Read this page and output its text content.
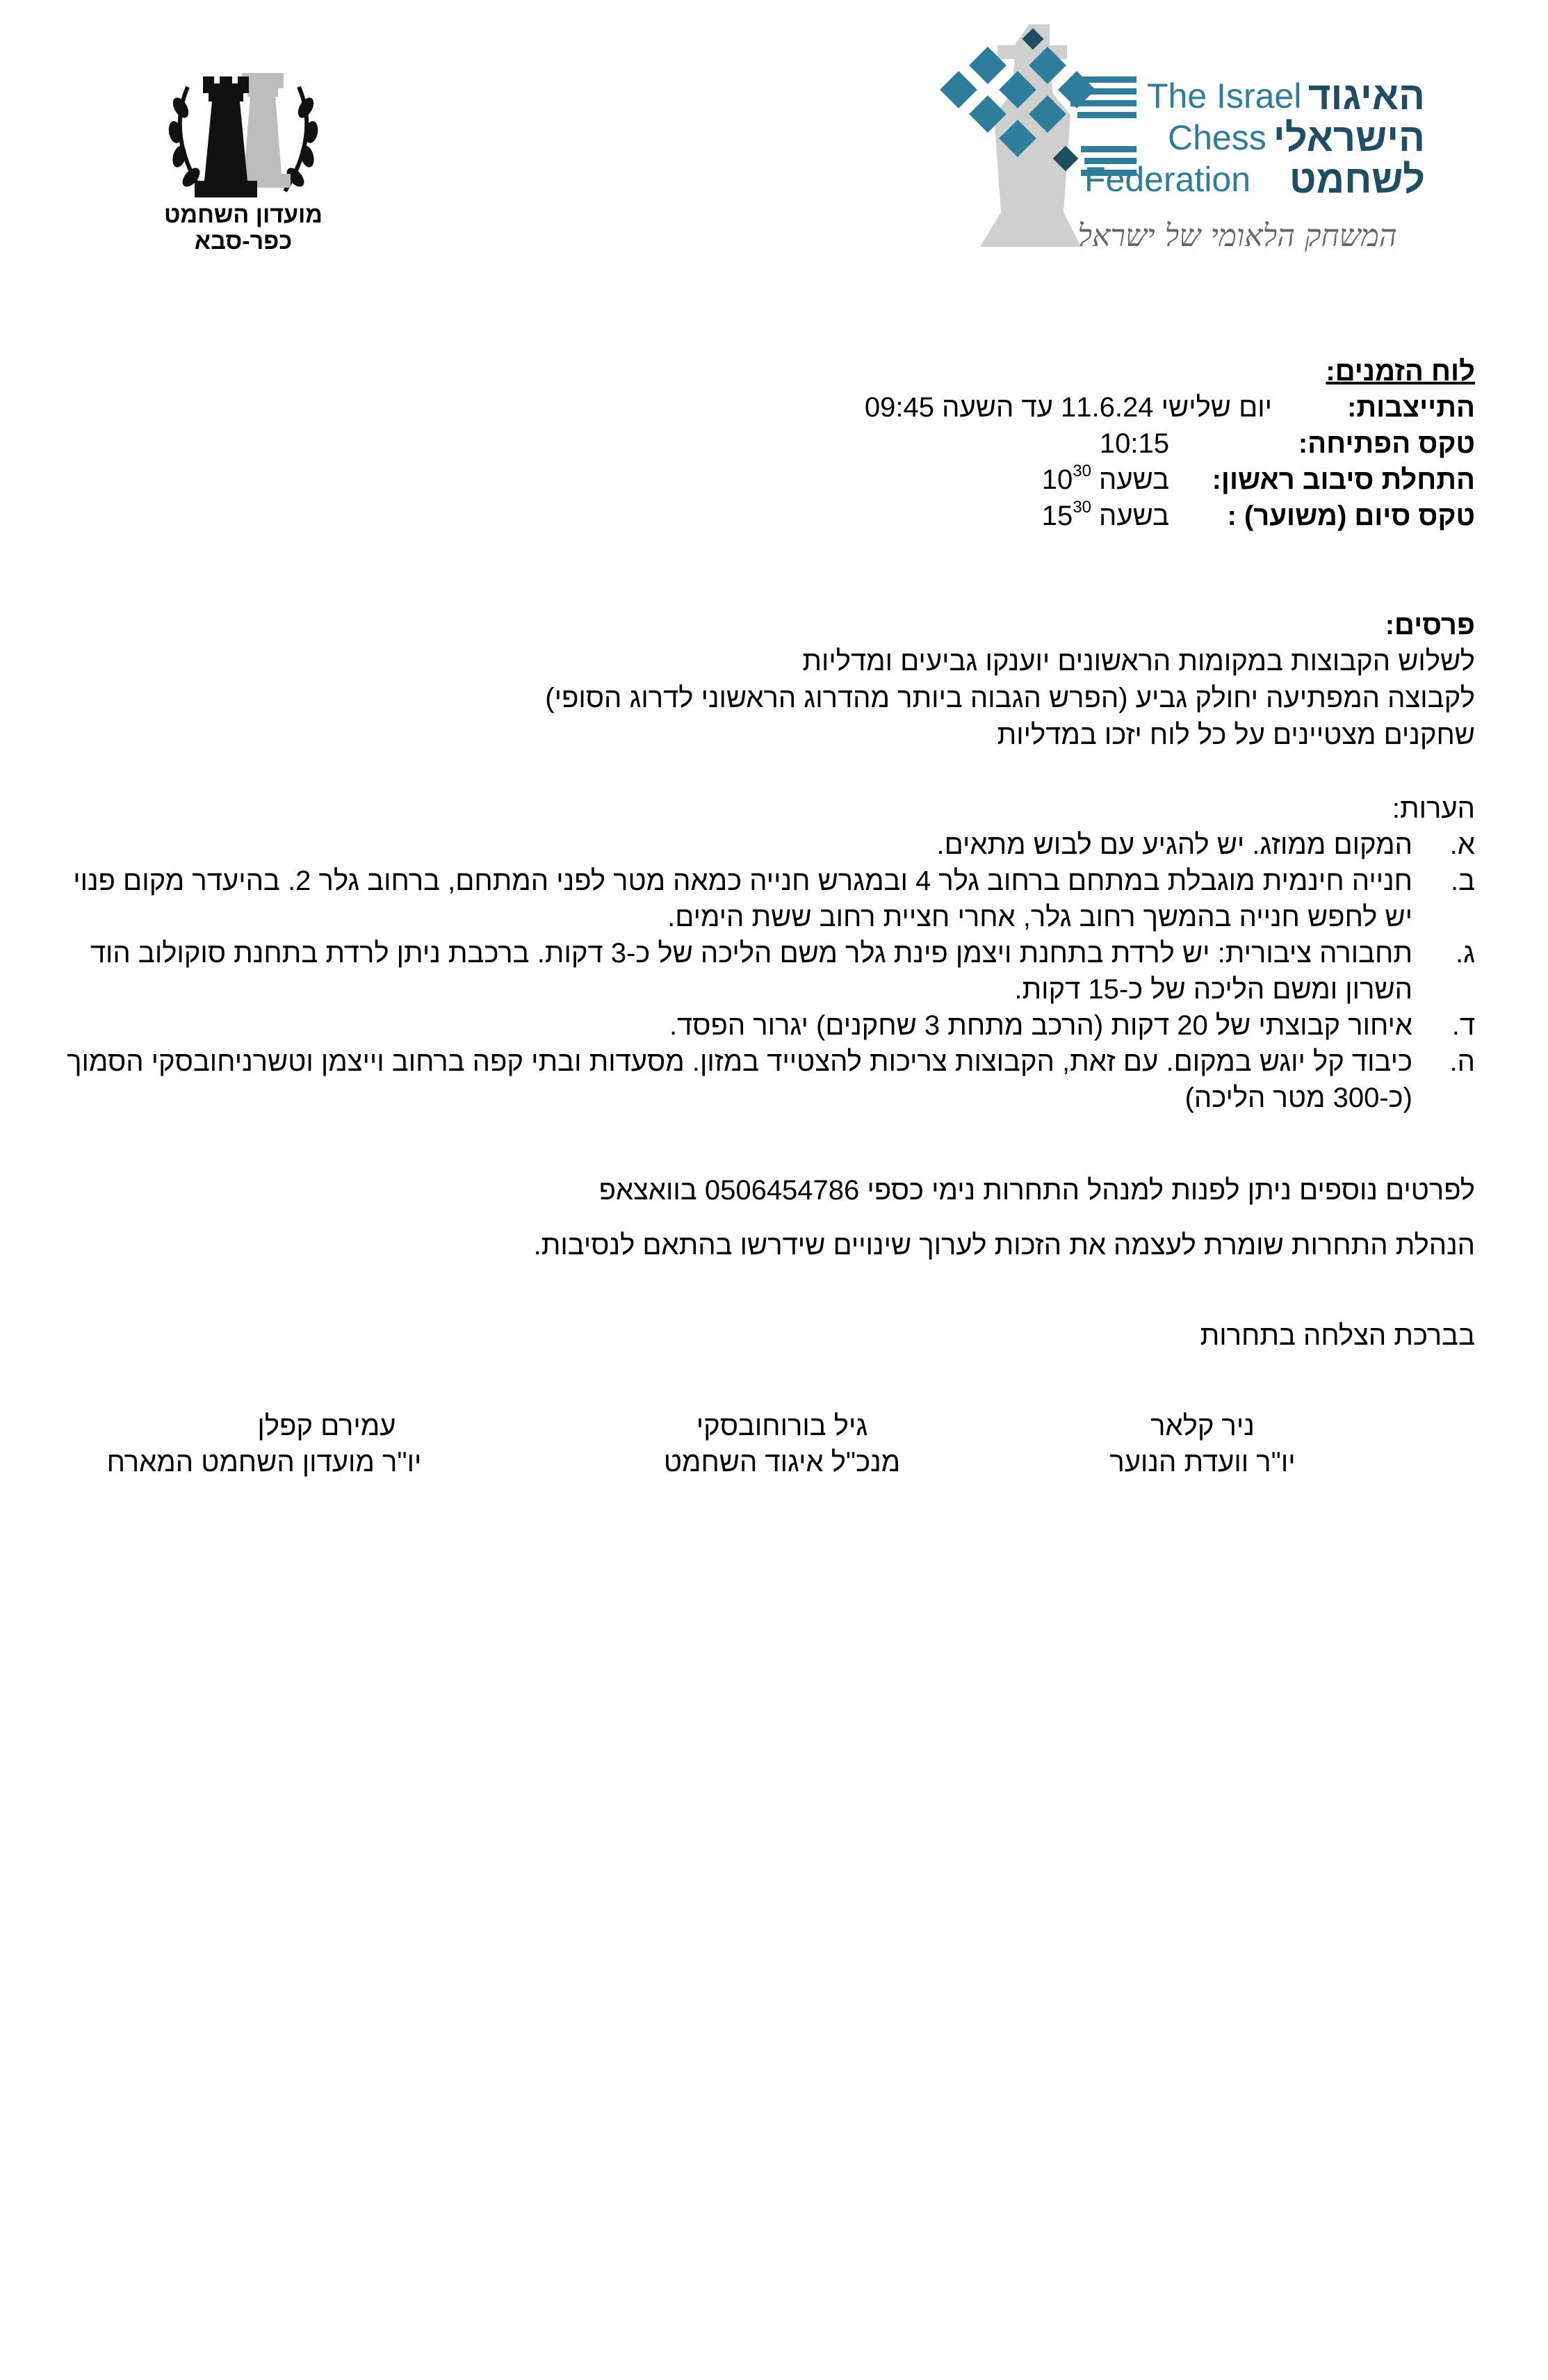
מועדון השחמט
כפר-סבא
The Israel
Chess
Federation
האיגוד
הישראלי
לשחמט
המשחק הלאומי של ישראל
לוח הזמנים:
התייצבות:
יום שלישי 11.6.24 עד השעה 09:45
טקס הפתיחה:
10:15
התחלת סיבוב ראשון:
בשעה $10^{30}$
טקס סיום (משוער) :
בשעה $15^{30}$
פרסים:
לשלוש הקבוצות במקומות הראשונים יוענקו גביעים ומדליות
לקבוצה המפתיעה יחולק גביע (הפרש הגבוה ביותר מהדרוג הראשוני לדרוג הסופי)
שחקנים מצטיינים על כל לוח יזכו במדליות
הערות:
א.
המקום ממוזג. יש להגיע עם לבוש מתאים.
ב.
חנייה חינמית מוגבלת במתחם ברחוב גלר 4 ובמגרש חנייה כמאה מטר לפני המתחם, ברחוב גלר 2. בהיעדר מקום פנוי יש לחפש חנייה בהמשך רחוב גלר, אחרי חציית רחוב ששת הימים.
ג.
תחבורה ציבורית: יש לרדת בתחנת ויצמן פינת גלר משם הליכה של כ-3 דקות. ברכבת ניתן לרדת בתחנת סוקולוב הוד השרון ומשם הליכה של כ-15 דקות.
ד.
איחור קבוצתי של 20 דקות (הרכב מתחת 3 שחקנים) יגרור הפסד.
ה.
כיבוד קל יוגש במקום. עם זאת, הקבוצות צריכות להצטייד במזון. מסעדות ובתי קפה ברחוב וייצמן וטשרניחובסקי הסמוך (כ-300 מטר הליכה)
לפרטים נוספים ניתן לפנות למנהל התחרות נימי כספי 0506454786 בוואצאפ
הנהלת התחרות שומרת לעצמה את הזכות לערוך שינויים שידרשו בהתאם לנסיבות.
בברכת הצלחה בתחרות
ניר קלאר
יו"ר וועדת הנוער
גיל בורוחובסקי
מנכ"ל איגוד השחמט
עמירם קפלן
יו"ר מועדון השחמט המארח
